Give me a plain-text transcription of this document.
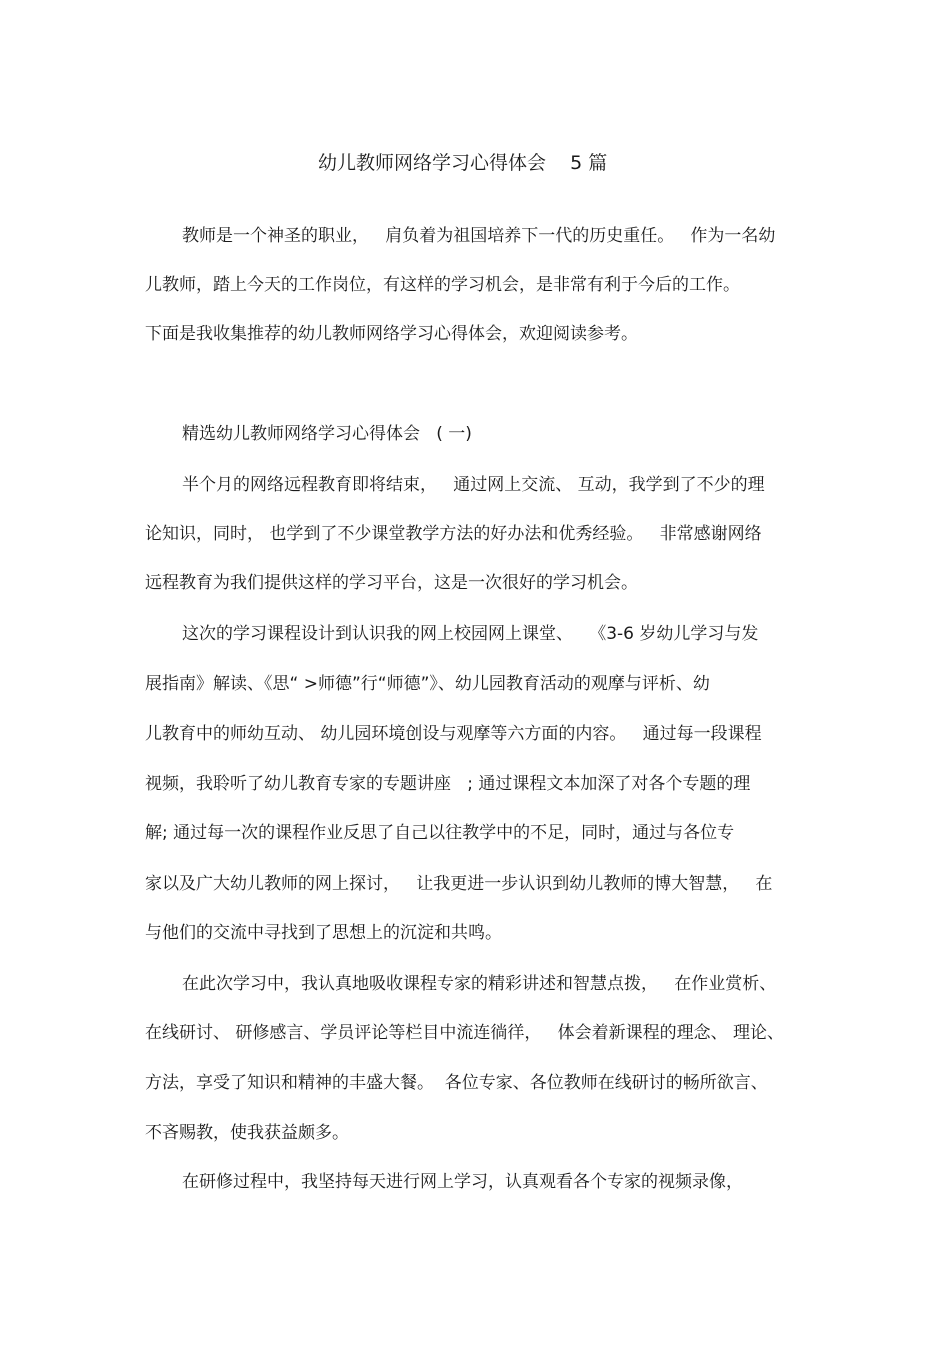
幼儿教师网络学习心得体会    5 篇
教师是一个神圣的职业，   肩负着为祖国培养下一代的历史重任。   作为一名幼
儿教师，踏上今天的工作岗位，有这样的学习机会，是非常有利于今后的工作。
下面是我收集推荐的幼儿教师网络学习心得体会，欢迎阅读参考。
精选幼儿教师网络学习心得体会   ( 一)
半个月的网络远程教育即将结束，   通过网上交流、 互动，我学到了不少的理
论知识，同时， 也学到了不少课堂教学方法的好办法和优秀经验。   非常感谢网络
远程教育为我们提供这样的学习平台，这是一次很好的学习机会。
这次的学习课程设计到认识我的网上校园网上课堂、   《3-6 岁幼儿学习与发
展指南》解读、《思“ >师德”行“师德”》、幼儿园教育活动的观摩与评析、幼
儿教育中的师幼互动、 幼儿园环境创设与观摩等六方面的内容。   通过每一段课程
视频，我聆听了幼儿教育专家的专题讲座   ; 通过课程文本加深了对各个专题的理
解; 通过每一次的课程作业反思了自己以往教学中的不足，同时，通过与各位专
家以及广大幼儿教师的网上探讨，   让我更进一步认识到幼儿教师的博大智慧，   在
与他们的交流中寻找到了思想上的沉淀和共鸣。
在此次学习中，我认真地吸收课程专家的精彩讲述和智慧点拨，   在作业赏析、
在线研讨、 研修感言、学员评论等栏目中流连徜徉，   体会着新课程的理念、 理论、
方法，享受了知识和精神的丰盛大餐。  各位专家、各位教师在线研讨的畅所欲言、
不吝赐教，使我获益颇多。
在研修过程中，我坚持每天进行网上学习，认真观看各个专家的视频录像，
